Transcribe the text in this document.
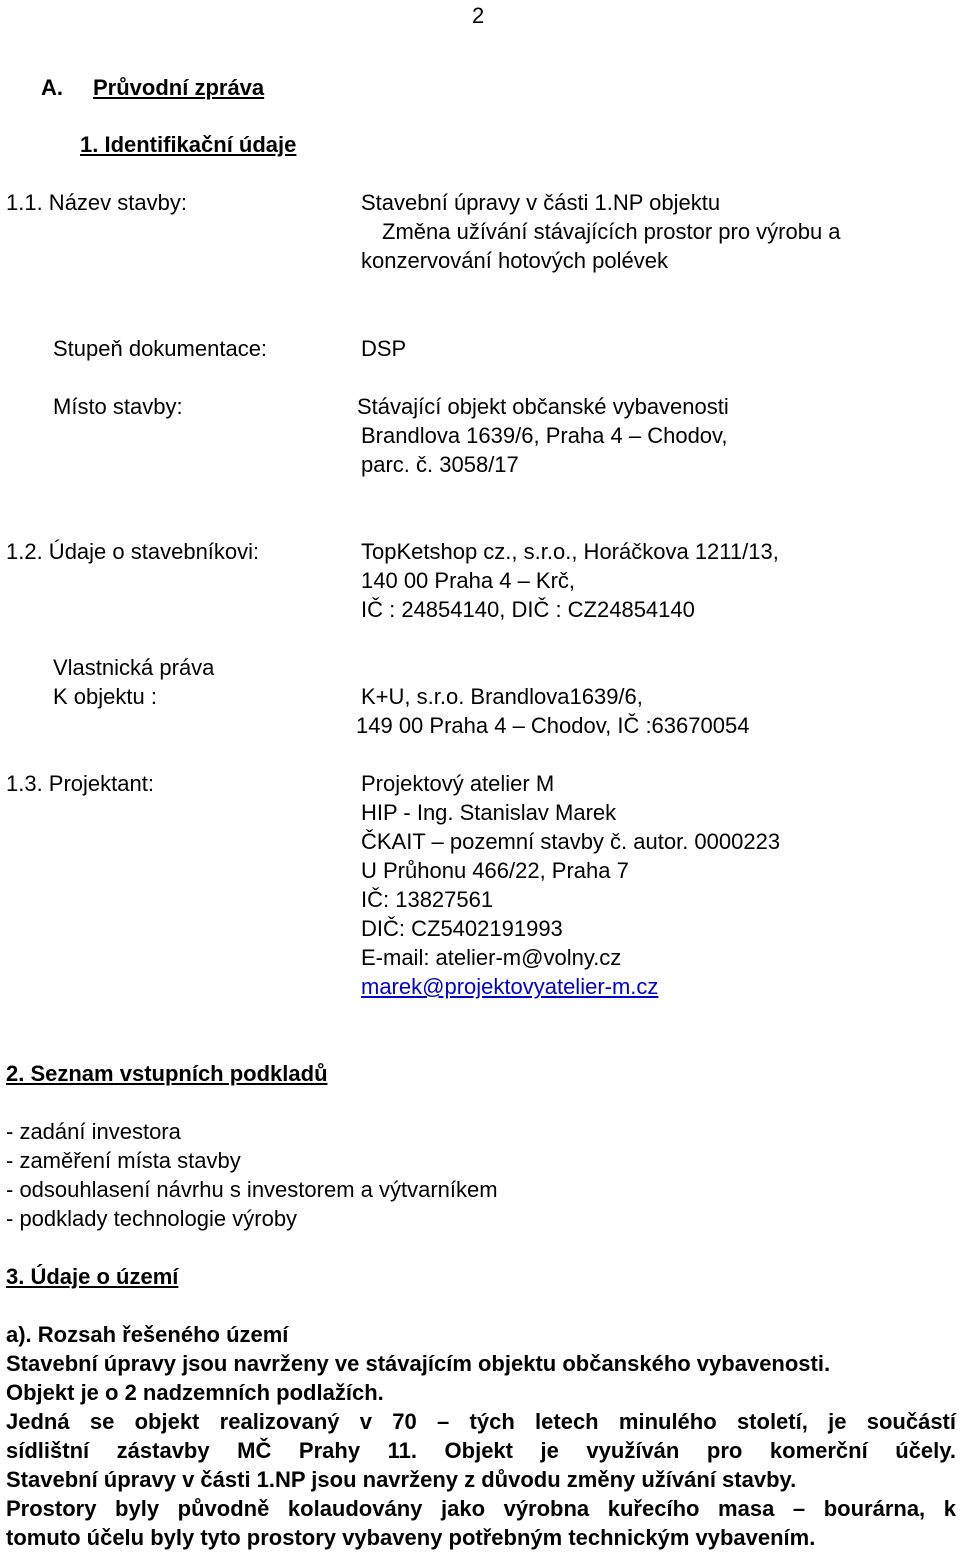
2
A. Průvodní zpráva
1. Identifikační údaje
1.1. Název stavby:	Stavební úpravy v části 1.NP objektu
Změna užívání stávajících prostor pro výrobu a
konzervování hotových polévek
Stupeň dokumentace:	DSP
Místo stavby:	Stávající objekt občanské vybavenosti
Brandlova 1639/6, Praha 4 – Chodov,
parc. č. 3058/17
1.2. Údaje o stavebníkovi:	TopKetshop cz., s.r.o., Horáčkova 1211/13,
140 00 Praha 4 – Krč,
IČ : 24854140, DIČ : CZ24854140
Vlastnická práva
K objektu :	K+U, s.r.o. Brandlova1639/6,
149 00 Praha 4 – Chodov, IČ :63670054
1.3. Projektant:	Projektový atelier M
HIP - Ing. Stanislav Marek
ČKAIT – pozemní stavby č. autor. 0000223
U Průhonu 466/22, Praha 7
IČ: 13827561
DIČ: CZ5402191993
E-mail: atelier-m@volny.cz
marek@projektovyatelier-m.cz
2. Seznam vstupních podkladů
- zadání investora
- zaměření místa stavby
- odsouhlasení návrhu s investorem a výtvarníkem
- podklady technologie výroby
3. Údaje o území
a). Rozsah řešeného území
Stavební úpravy jsou navrženy ve stávajícím objektu občanského vybavenosti.
Objekt je o 2 nadzemních podlažích.
Jedná se objekt realizovaný v 70 – tých letech minulého století, je součástí
sídlištní zástavby MČ Prahy 11. Objekt je využíván pro komerční účely.
Stavební úpravy v části 1.NP jsou navrženy z důvodu změny užívání stavby.
Prostory byly původně kolaudovány jako výrobna kuřecího masa – bourárna, k
tomuto účelu byly tyto prostory vybaveny potřebným technickým vybavením.
